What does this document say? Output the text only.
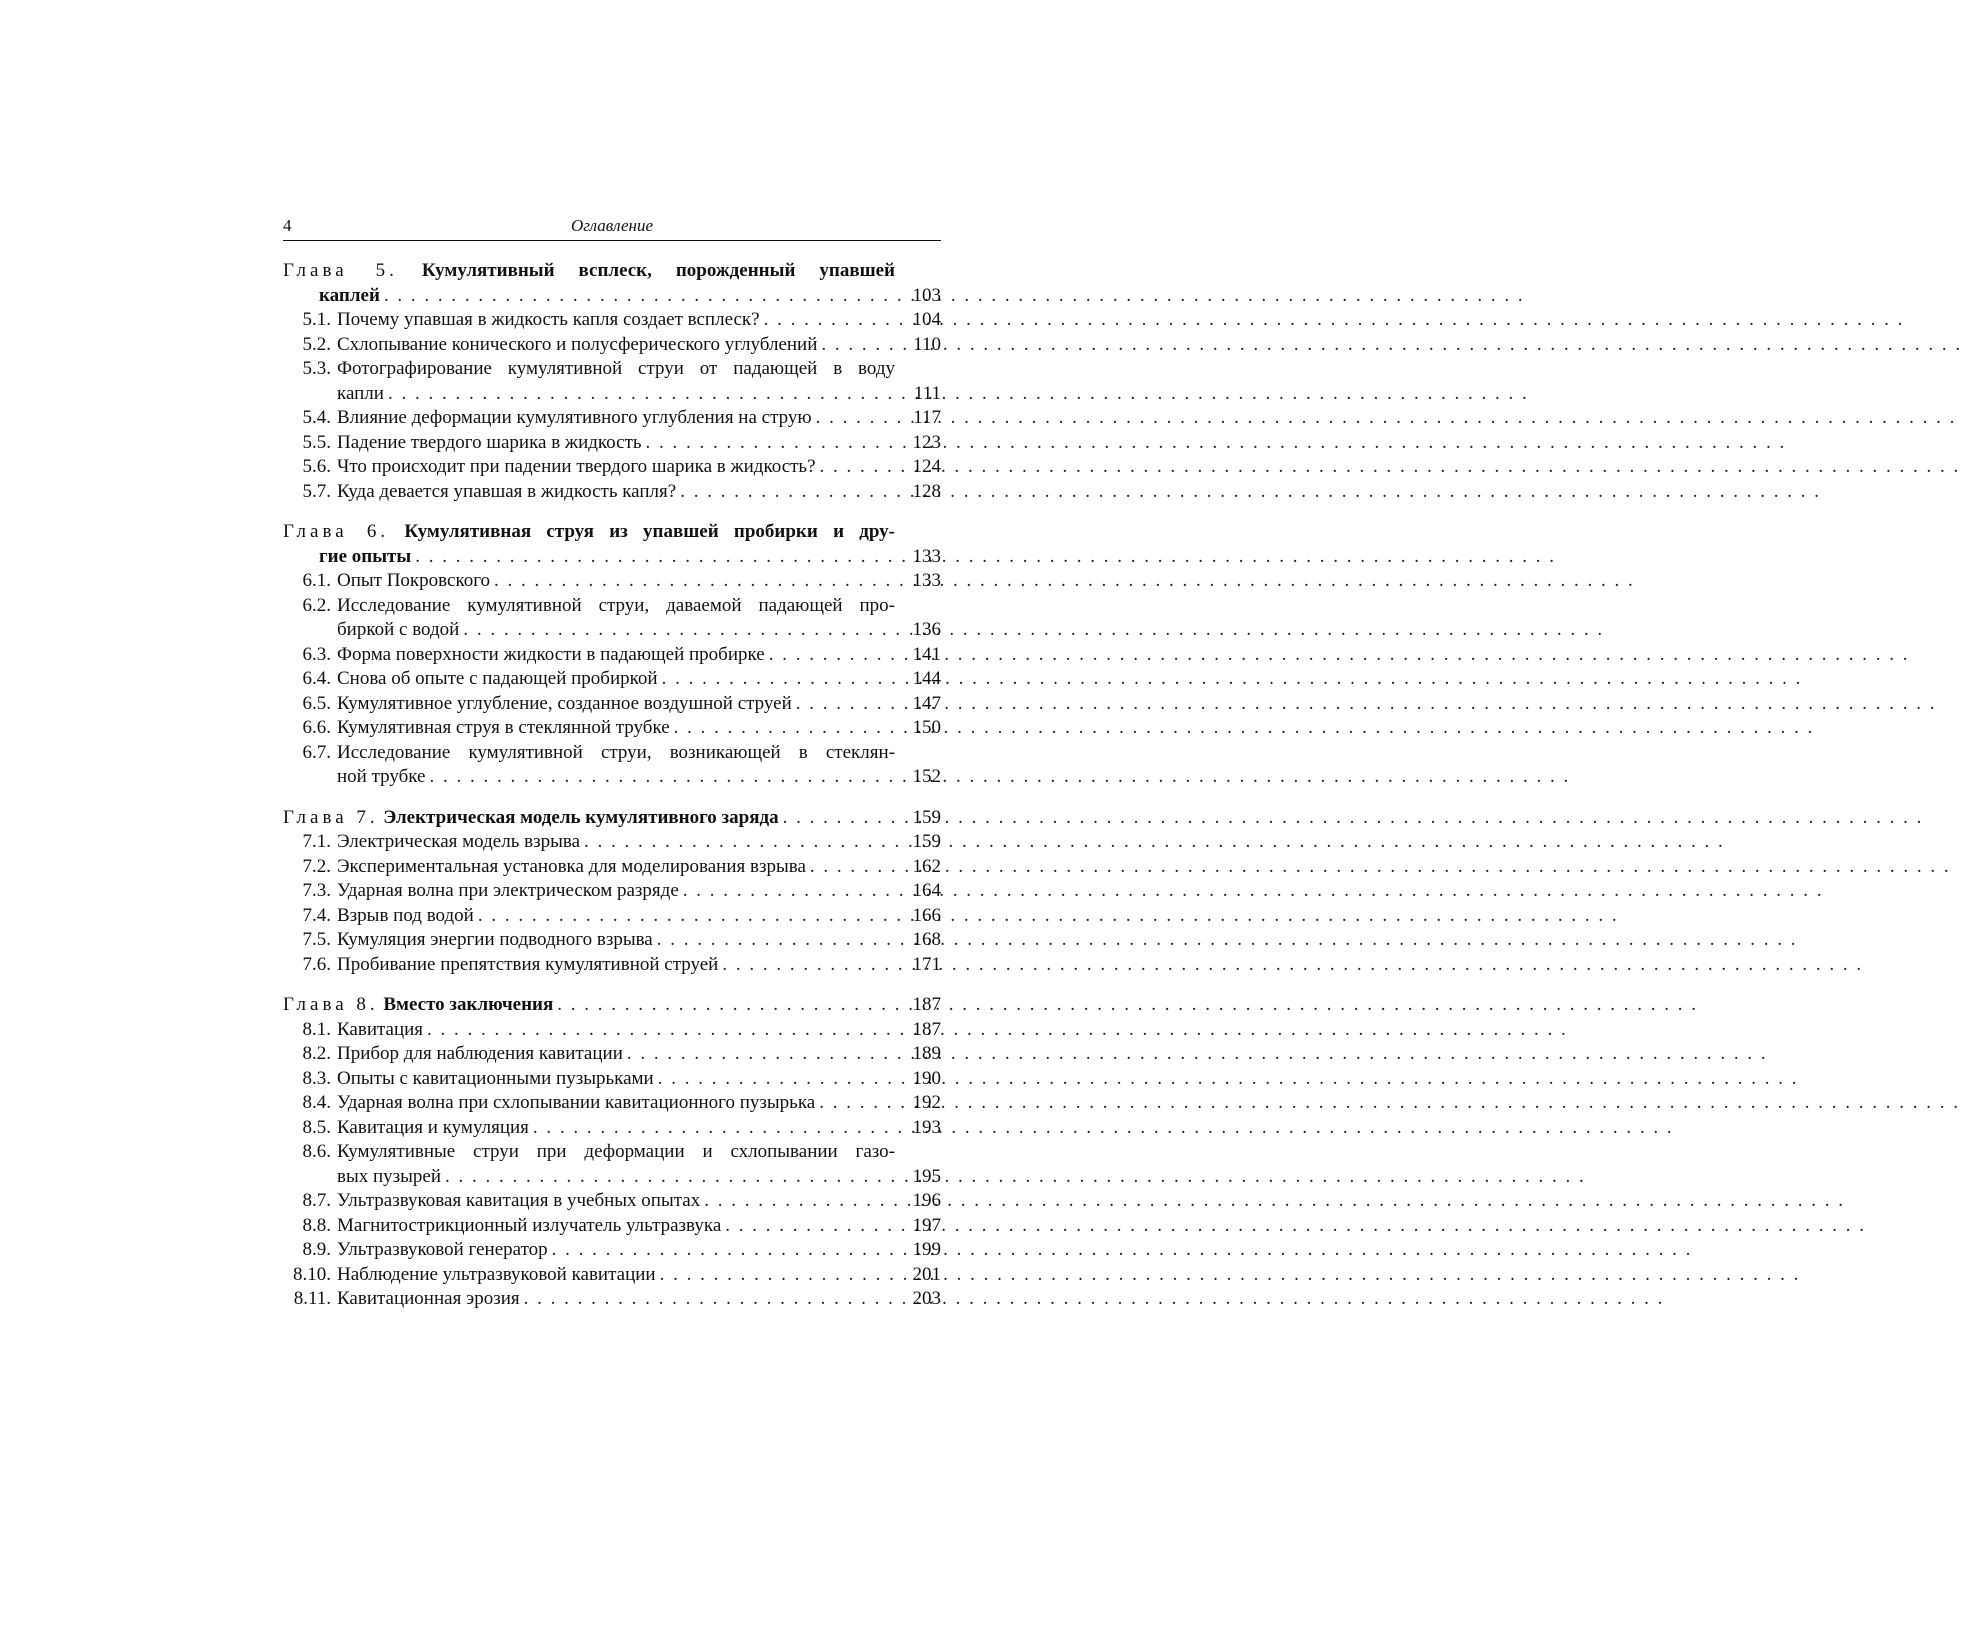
4	Оглавление
Глава 5. Кумулятивный всплеск, порожденный упавшей
каплей . . .	103
5.1. Почему упавшая в жидкость капля создает всплеск? . . .	104
5.2. Схлопывание конического и полусферического углублений . . .	110
5.3. Фотографирование кумулятивной струи от падающей в воду
капли . . .	111
5.4. Влияние деформации кумулятивного углубления на струю . . .	117
5.5. Падение твердого шарика в жидкость . . .	123
5.6. Что происходит при падении твердого шарика в жидкость? . . .	124
5.7. Куда девается упавшая в жидкость капля? . . .	128
Глава 6. Кумулятивная струя из упавшей пробирки и дру-
гие опыты . . .	133
6.1. Опыт Покровского . . .	133
6.2. Исследование кумулятивной струи, даваемой падающей про-
биркой с водой . . .	136
6.3. Форма поверхности жидкости в падающей пробирке . . .	141
6.4. Снова об опыте с падающей пробиркой . . .	144
6.5. Кумулятивное углубление, созданное воздушной струей . . .	147
6.6. Кумулятивная струя в стеклянной трубке . . .	150
6.7. Исследование кумулятивной струи, возникающей в стеклян-
ной трубке . . .	152
Глава 7. Электрическая модель кумулятивного заряда . . .	159
7.1. Электрическая модель взрыва . . .	159
7.2. Экспериментальная установка для моделирования взрыва . . .	162
7.3. Ударная волна при электрическом разряде . . .	164
7.4. Взрыв под водой . . .	166
7.5. Кумуляция энергии подводного взрыва . . .	168
7.6. Пробивание препятствия кумулятивной струей . . .	171
Глава 8. Вместо заключения . . .	187
8.1. Кавитация . . .	187
8.2. Прибор для наблюдения кавитации . . .	189
8.3. Опыты с кавитационными пузырьками . . .	190
8.4. Ударная волна при схлопывании кавитационного пузырька . . .	192
8.5. Кавитация и кумуляция . . .	193
8.6. Кумулятивные струи при деформации и схлопывании газо-
вых пузырей . . .	195
8.7. Ультразвуковая кавитация в учебных опытах . . .	196
8.8. Магнитострикционный излучатель ультразвука . . .	197
8.9. Ультразвуковой генератор . . .	199
8.10. Наблюдение ультразвуковой кавитации . . .	201
8.11. Кавитационная эрозия . . .	203
